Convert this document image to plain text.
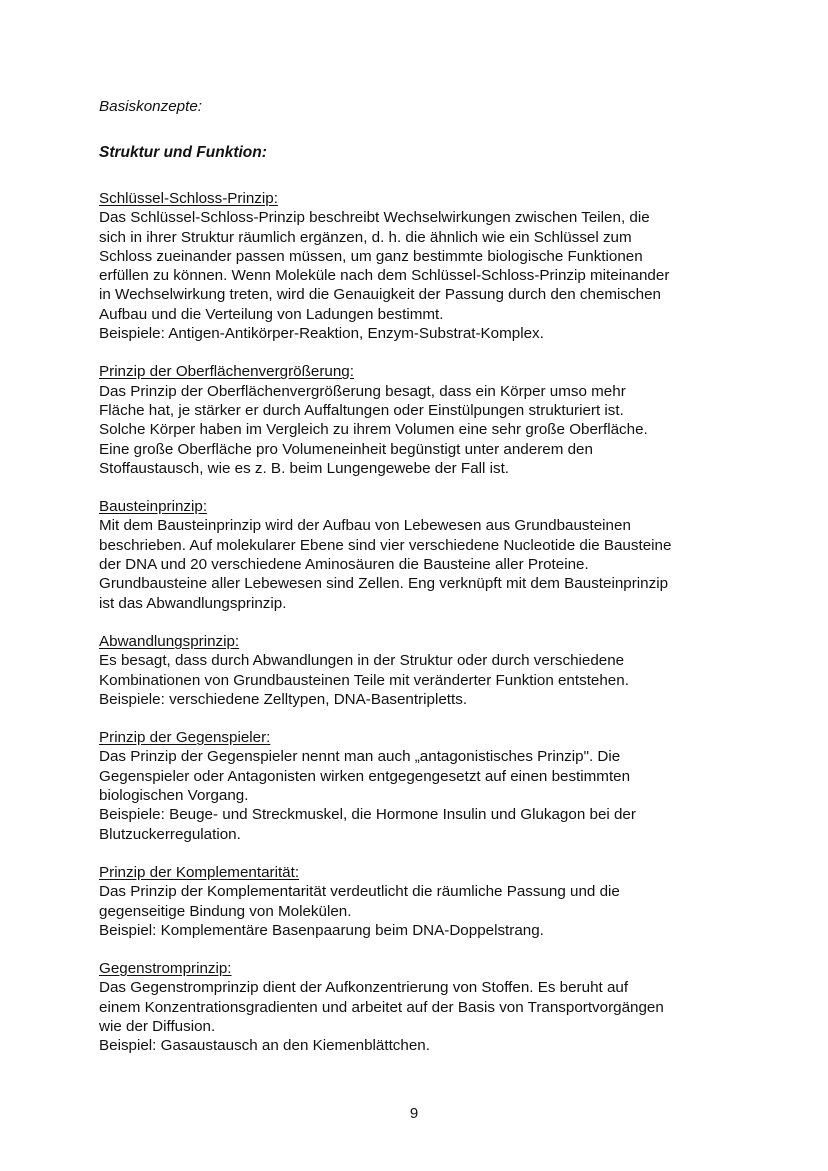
Basiskonzepte:

Struktur und Funktion:

Schlüssel-Schloss-Prinzip:

Das Schlüssel-Schloss-Prinzip beschreibt Wechselwirkungen zwischen Teilen, die

sich in ihrer Struktur räumlich ergänzen, d. h. die ähnlich wie ein Schlüssel zum

Schloss zueinander passen müssen, um ganz bestimmte biologische Funktionen

erfüllen zu können. Wenn Moleküle nach dem Schlüssel-Schloss-Prinzip miteinander

in Wechselwirkung treten, wird die Genauigkeit der Passung durch den chemischen

Aufbau und die Verteilung von Ladungen bestimmt.

Beispiele: Antigen-Antikörper-Reaktion, Enzym-Substrat-Komplex.

Prinzip der Oberflächenvergrößerung:

Das Prinzip der Oberflächenvergrößerung besagt, dass ein Körper umso mehr

Fläche hat, je stärker er durch Auffaltungen oder Einstülpungen strukturiert ist.

Solche Körper haben im Vergleich zu ihrem Volumen eine sehr große Oberfläche.

Eine große Oberfläche pro Volumeneinheit begünstigt unter anderem den

Stoffaustausch, wie es z. B. beim Lungengewebe der Fall ist.

Bausteinprinzip:

Mit dem Bausteinprinzip wird der Aufbau von Lebewesen aus Grundbausteinen

beschrieben. Auf molekularer Ebene sind vier verschiedene Nucleotide die Bausteine

der DNA und 20 verschiedene Aminosäuren die Bausteine aller Proteine.

Grundbausteine aller Lebewesen sind Zellen. Eng verknüpft mit dem Bausteinprinzip

ist das Abwandlungsprinzip.

Abwandlungsprinzip:

Es besagt, dass durch Abwandlungen in der Struktur oder durch verschiedene

Kombinationen von Grundbausteinen Teile mit veränderter Funktion entstehen.

Beispiele: verschiedene Zelltypen, DNA-Basentripletts.

Prinzip der Gegenspieler:

Das Prinzip der Gegenspieler nennt man auch „antagonistisches Prinzip". Die

Gegenspieler oder Antagonisten wirken entgegengesetzt auf einen bestimmten

biologischen Vorgang.

Beispiele: Beuge- und Streckmuskel, die Hormone Insulin und Glukagon bei der

Blutzuckerregulation.

Prinzip der Komplementarität:

Das Prinzip der Komplementarität verdeutlicht die räumliche Passung und die

gegenseitige Bindung von Molekülen.

Beispiel: Komplementäre Basenpaarung beim DNA-Doppelstrang.

Gegenstromprinzip:

Das Gegenstromprinzip dient der Aufkonzentrierung von Stoffen. Es beruht auf

einem Konzentrationsgradienten und arbeitet auf der Basis von Transportvorgängen

wie der Diffusion.

Beispiel: Gasaustausch an den Kiemenblättchen.

9
